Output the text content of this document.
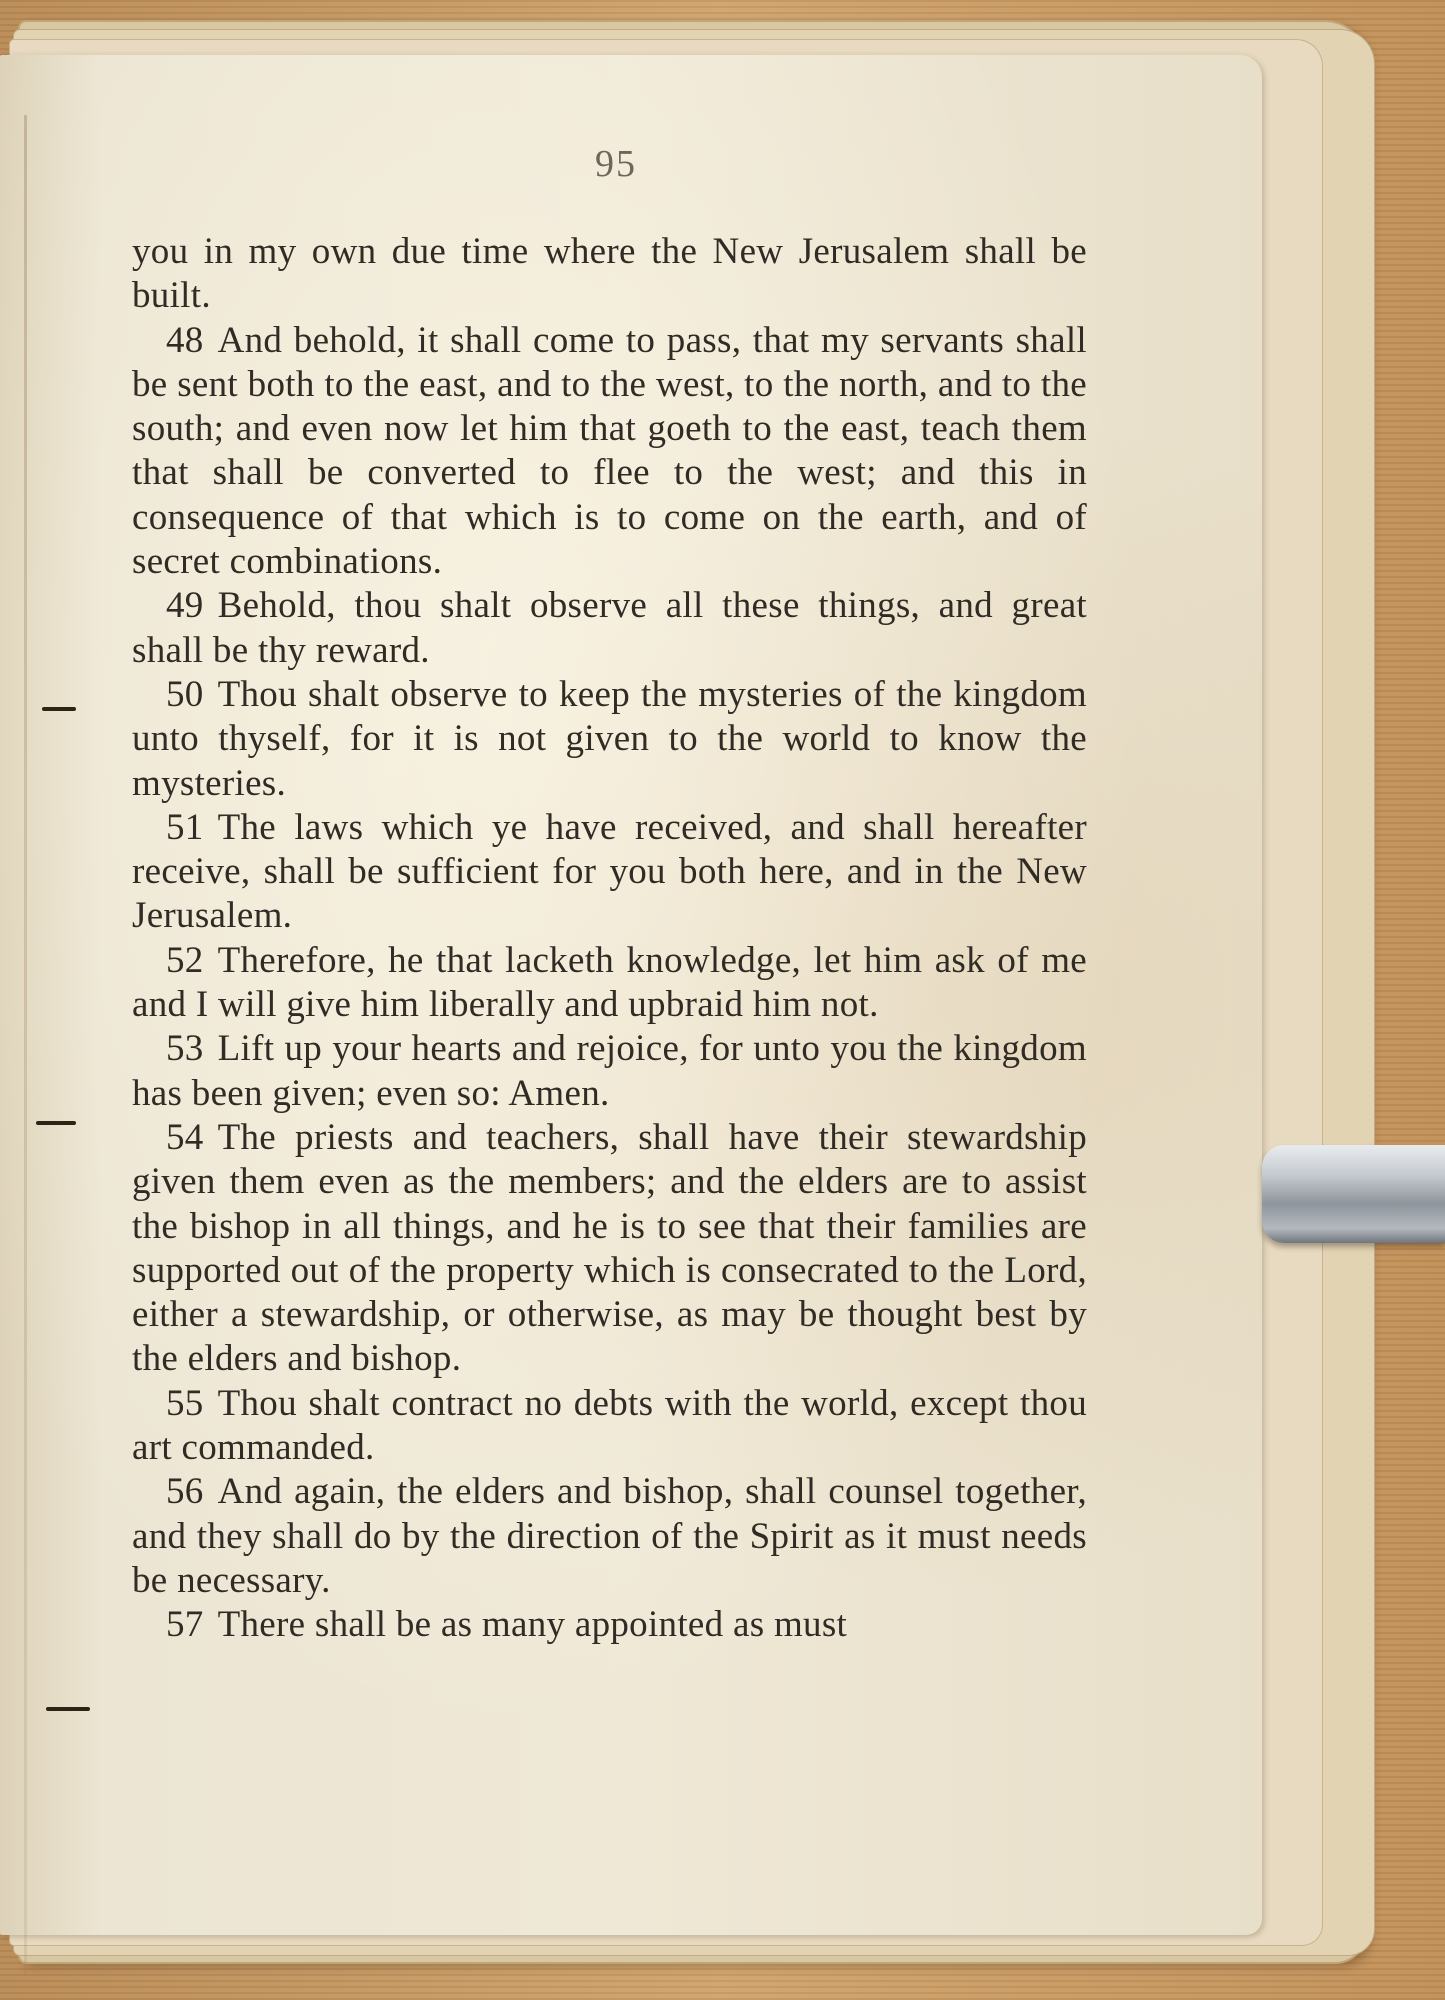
95

you in my own due time where the New Jerusalem shall be built.

48 And behold, it shall come to pass, that my servants shall be sent both to the east, and to the west, to the north, and to the south; and even now let him that goeth to the east, teach them that shall be converted to flee to the west; and this in consequence of that which is to come on the earth, and of secret combinations.

49 Behold, thou shalt observe all these things, and great shall be thy reward.

50 Thou shalt observe to keep the mysteries of the kingdom unto thyself, for it is not given to the world to know the mysteries.

51 The laws which ye have received, and shall hereafter receive, shall be sufficient for you both here, and in the New Jerusalem.

52 Therefore, he that lacketh knowledge, let him ask of me and I will give him liberally and upbraid him not.

53 Lift up your hearts and rejoice, for unto you the kingdom has been given; even so: Amen.

54 The priests and teachers, shall have their stewardship given them even as the members; and the elders are to assist the bishop in all things, and he is to see that their families are supported out of the property which is consecrated to the Lord, either a stewardship, or otherwise, as may be thought best by the elders and bishop.

55 Thou shalt contract no debts with the world, except thou art commanded.

56 And again, the elders and bishop, shall counsel together, and they shall do by the direction of the Spirit as it must needs be necessary.

57 There shall be as many appointed as must
